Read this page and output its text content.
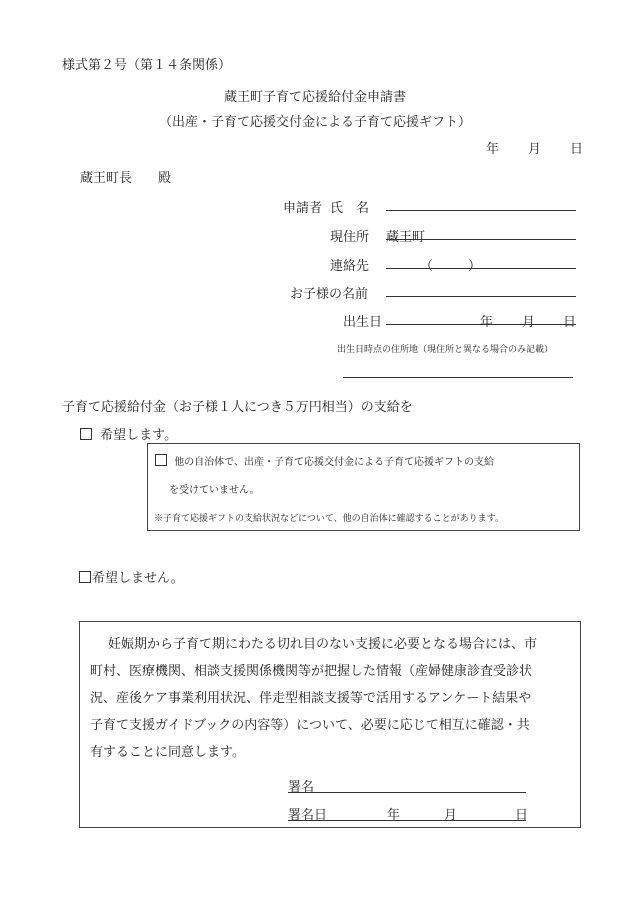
様式第２号（第１４条関係）
蔵王町子育て応援給付金申請書
（出産・子育て応援交付金による子育て応援ギフト）
年 月 日
蔵王町長　　殿
申請者 氏　名
現住所 蔵王町
連絡先	（	）
お子様の名前
出生日	年 月 日
出生日時点の住所地（現住所と異なる場合のみ記載）
子育て応援給付金（お子様１人につき５万円相当）の支給を
希望します。
他の自治体で、出産・子育て応援交付金による子育て応援ギフトの支給
を受けていません。
※子育て応援ギフトの支給状況などについて、他の自治体に確認することがあります。
希望しません。
妊娠期から子育て期にわたる切れ目のない支援に必要となる場合には、市
町村、医療機関、相談支援関係機関等が把握した情報（産婦健康診査受診状
況、産後ケア事業利用状況、伴走型相談支援等で活用するアンケート結果や
子育て支援ガイドブックの内容等）について、必要に応じて相互に確認・共
有することに同意します。
署名
署名日	年	月	日
